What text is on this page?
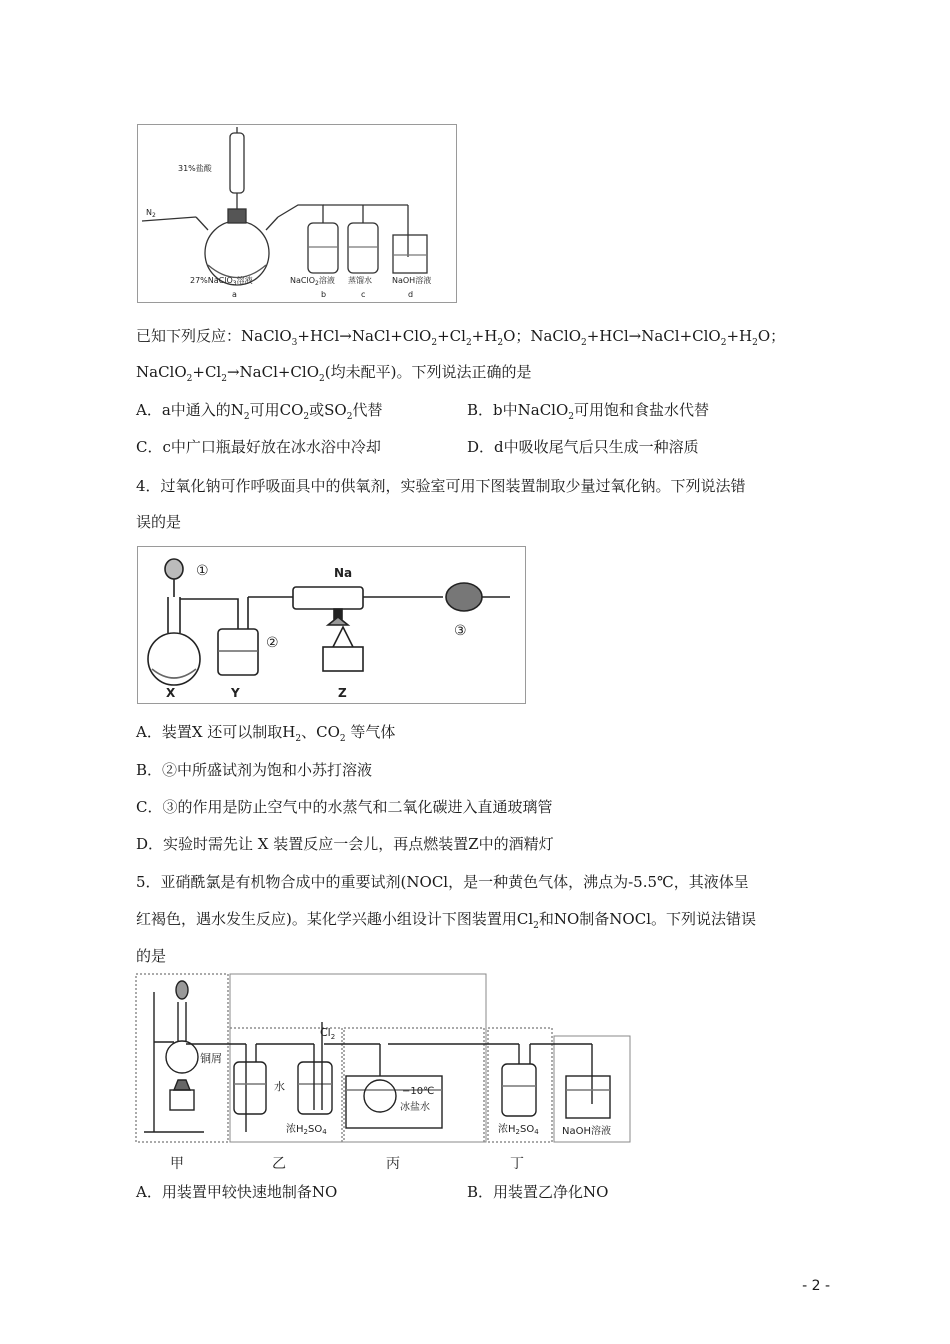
31%盐酸
$N_2$
27%NaClO$_3$溶液	NaClO$_2$溶液 蒸馏水	NaOH溶液
a	b	c	d
已知下列反应：$NaClO_3+HCl\to NaCl+ClO_2+Cl_2+H_2O$；$NaClO_2+HCl\to NaCl+ClO_2+H_2O$；
$NaClO_2+Cl_2\to NaCl+ClO_2$(均未配平)。下列说法正确的是
A．a中通入的$N_2$可用$CO_2$或$SO_2$代替	B．b中NaClO$_2$可用饱和食盐水代替
C．c中广口瓶最好放在冰水浴中冷却	D．d中吸收尾气后只生成一种溶质
4．过氧化钠可作呼吸面具中的供氧剂，实验室可用下图装置制取少量过氧化钠。下列说法错
误的是
①
②
③
Na
X	Y	Z
A．装置X 还可以制取$H_2$、$CO_2$ 等气体
B．②中所盛试剂为饱和小苏打溶液
C．③的作用是防止空气中的水蒸气和二氧化碳进入直通玻璃管
D．实验时需先让 X 装置反应一会儿，再点燃装置Z中的酒精灯
5．亚硝酰氯是有机物合成中的重要试剂(NOCl，是一种黄色气体，沸点为-5.5℃，其液体呈
红褐色，遇水发生反应)。某化学兴趣小组设计下图装置用$Cl_2$和NO制备NOCl。下列说法错误
的是
$Cl_2$
铜屑
水
浓$H_2SO_4$
−10℃
冰盐水
浓$H_2SO_4$ NaOH溶液
甲	乙	丙	丁
A．用装置甲较快速地制备NO	B．用装置乙净化NO
- 2 -
